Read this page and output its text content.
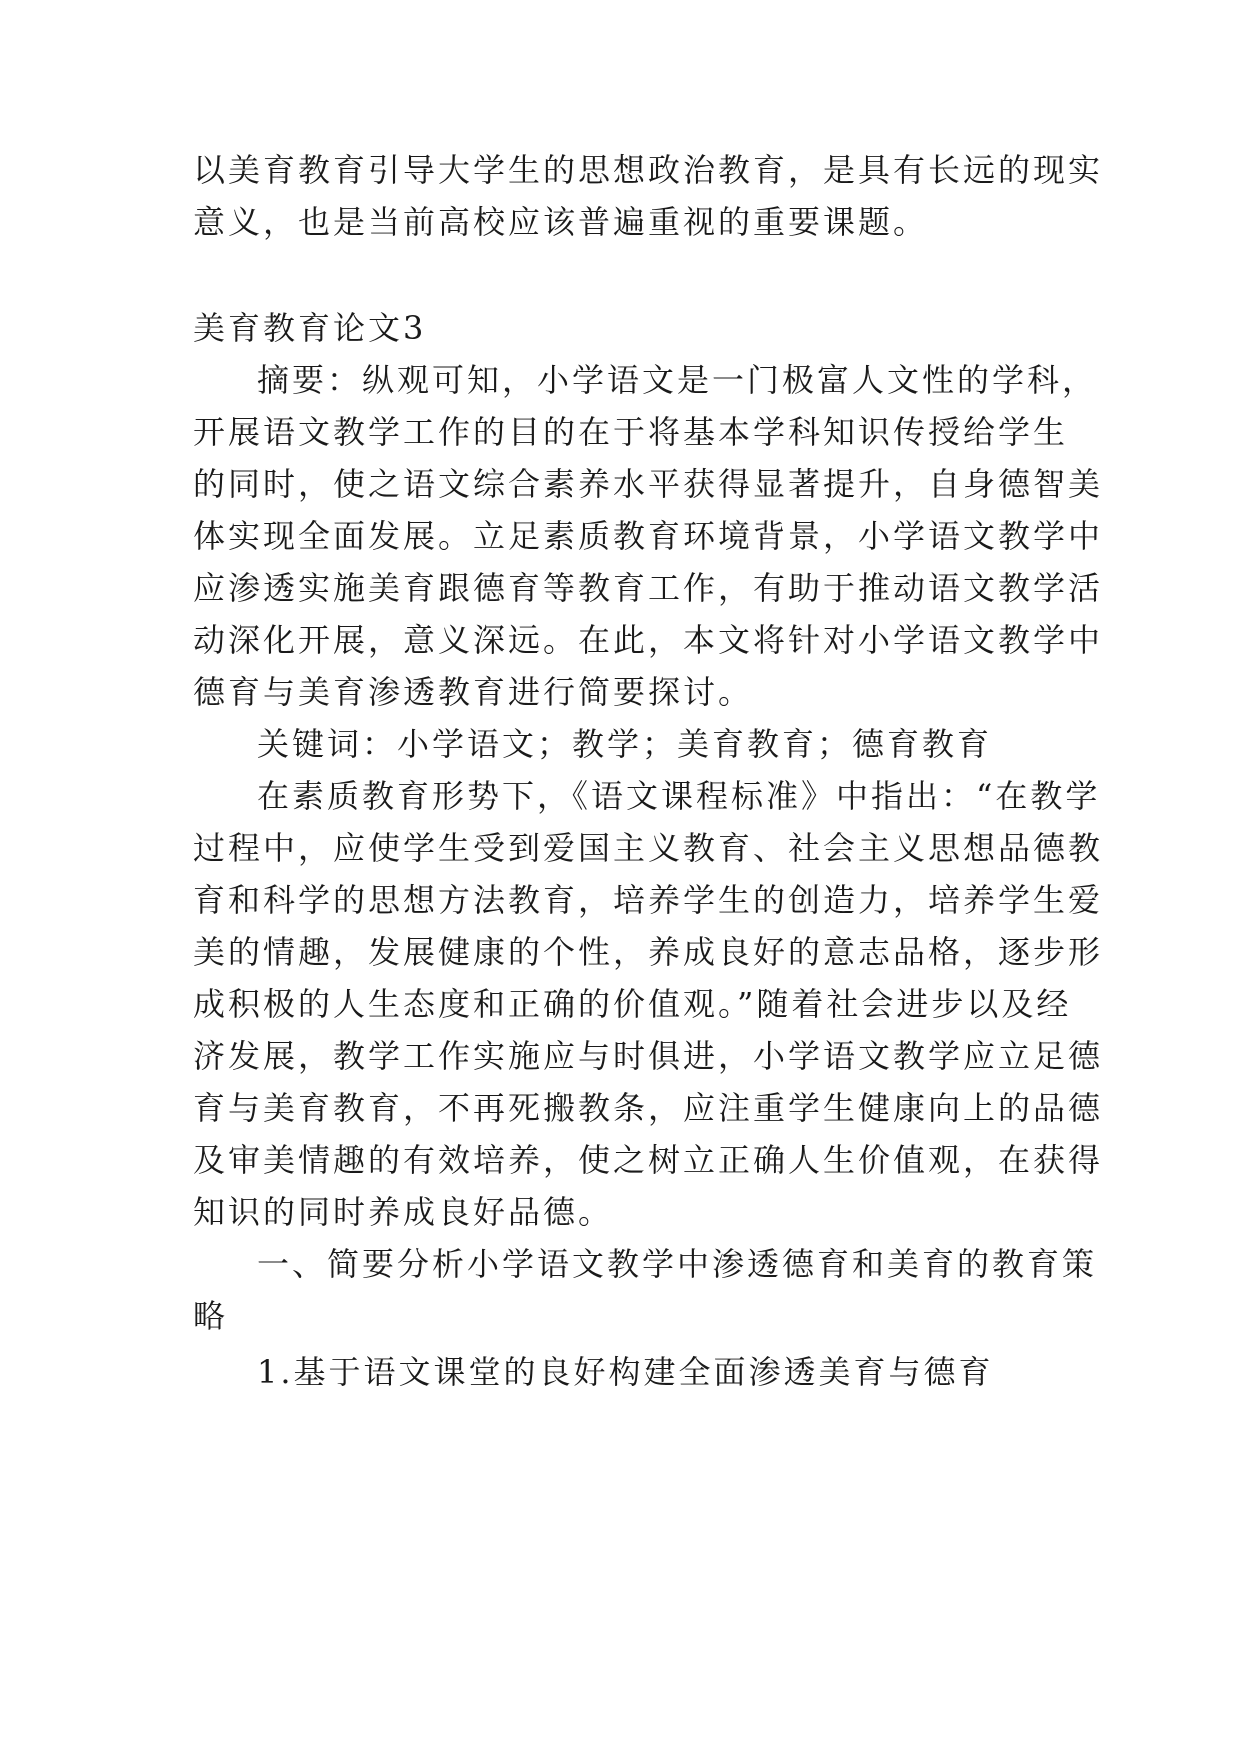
以美育教育引导大学生的思想政治教育，是具有长远的现实
意义，也是当前高校应该普遍重视的重要课题。
美育教育论文3
摘要：纵观可知，小学语文是一门极富人文性的学科，
开展语文教学工作的目的在于将基本学科知识传授给学生
的同时，使之语文综合素养水平获得显著提升，自身德智美
体实现全面发展。立足素质教育环境背景，小学语文教学中
应渗透实施美育跟德育等教育工作，有助于推动语文教学活
动深化开展，意义深远。在此，本文将针对小学语文教学中
德育与美育渗透教育进行简要探讨。
关键词：小学语文；教学；美育教育；德育教育
在素质教育形势下，《语文课程标准》中指出：“在教学
过程中，应使学生受到爱国主义教育、社会主义思想品德教
育和科学的思想方法教育，培养学生的创造力，培养学生爱
美的情趣，发展健康的个性，养成良好的意志品格，逐步形
成积极的人生态度和正确的价值观。”随着社会进步以及经
济发展，教学工作实施应与时俱进，小学语文教学应立足德
育与美育教育，不再死搬教条，应注重学生健康向上的品德
及审美情趣的有效培养，使之树立正确人生价值观，在获得
知识的同时养成良好品德。
一、简要分析小学语文教学中渗透德育和美育的教育策
略
1.基于语文课堂的良好构建全面渗透美育与德育
